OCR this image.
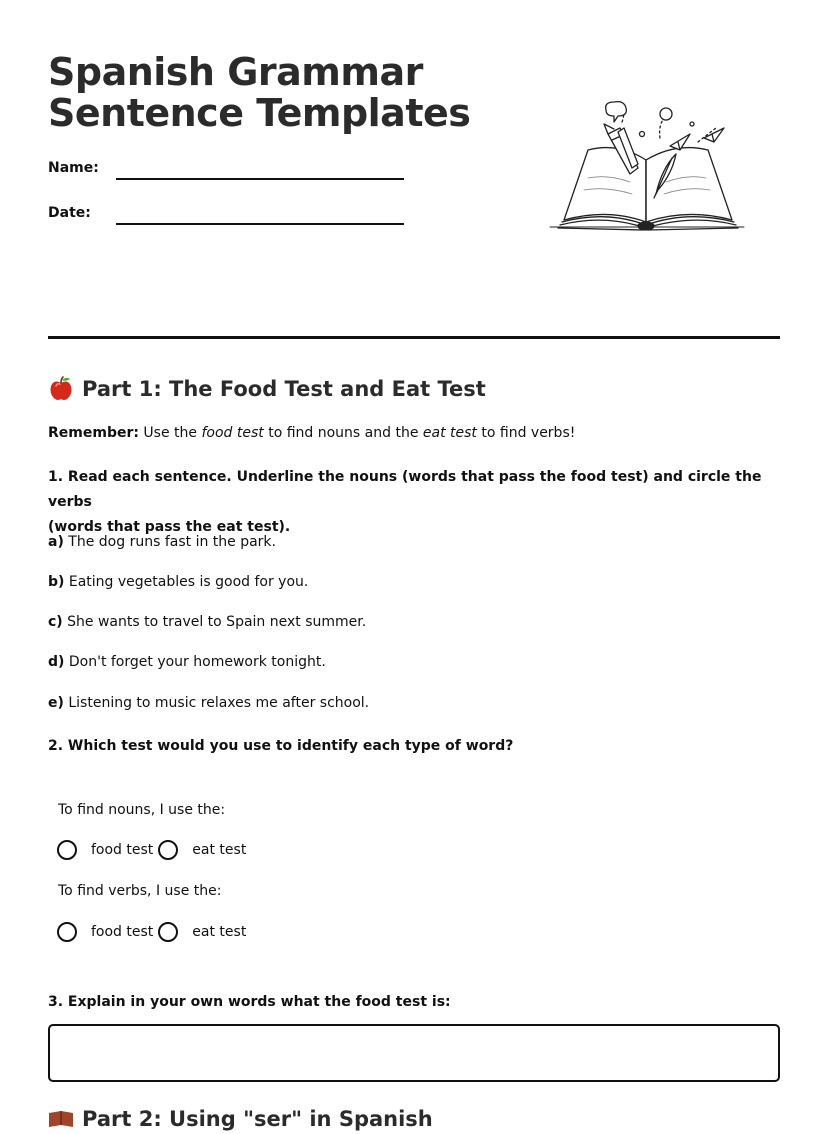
Spanish Grammar
Sentence Templates
Name:
Date:
Part 1: The Food Test and Eat Test
Remember: Use the food test to find nouns and the eat test to find verbs!
1. Read each sentence. Underline the nouns (words that pass the food test) and circle the verbs
(words that pass the eat test).
a) The dog runs fast in the park.
b) Eating vegetables is good for you.
c) She wants to travel to Spain next summer.
d) Don't forget your homework tonight.
e) Listening to music relaxes me after school.
2. Which test would you use to identify each type of word?
To find nouns, I use the:
food test	eat test
To find verbs, I use the:
food test	eat test
3. Explain in your own words what the food test is:
Part 2: Using "ser" in Spanish
